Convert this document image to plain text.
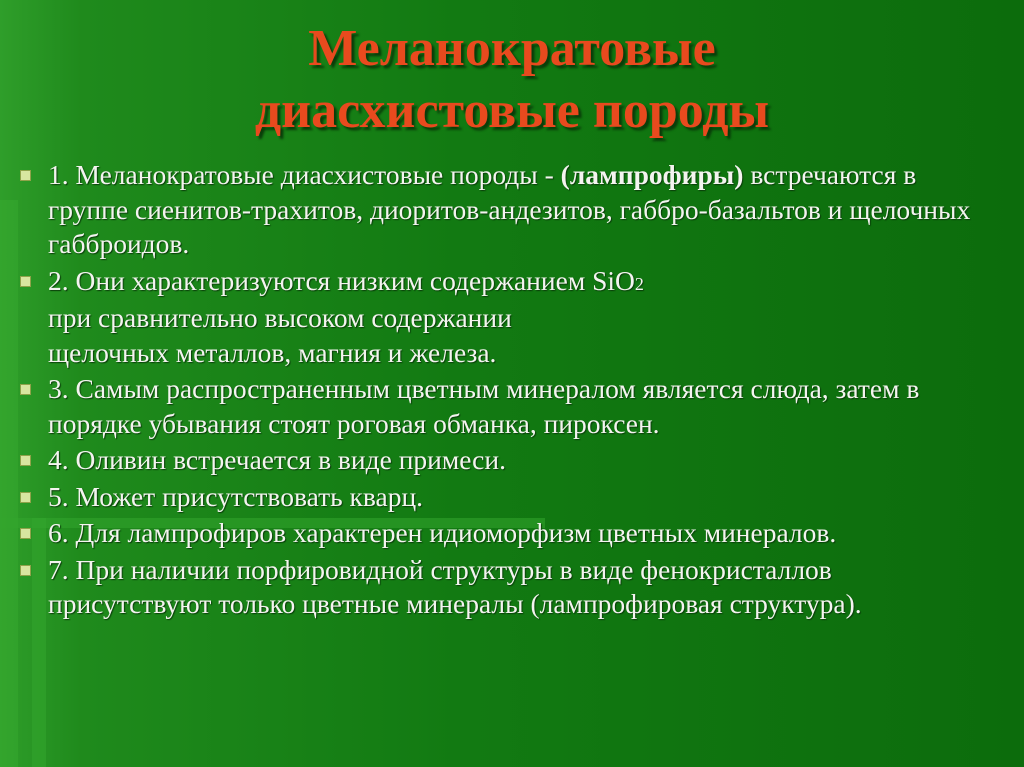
Меланократовые
диасхистовые породы
1. Меланократовые диасхистовые породы - (лампрофиры) встречаются в группе сиенитов-трахитов, диоритов-андезитов, габбро-базальтов и щелочных габброидов.
2. Они характеризуются низким содержанием SiO2
при сравнительно высоком содержании
щелочных металлов, магния и железа.
3. Самым распространенным цветным минералом является слюда, затем в порядке убывания стоят роговая обманка, пироксен.
4. Оливин встречается в виде примеси.
5. Может присутствовать кварц.
6. Для лампрофиров характерен идиоморфизм цветных минералов.
7. При наличии порфировидной структуры в виде фенокристаллов присутствуют только цветные минералы (лампрофировая структура).
